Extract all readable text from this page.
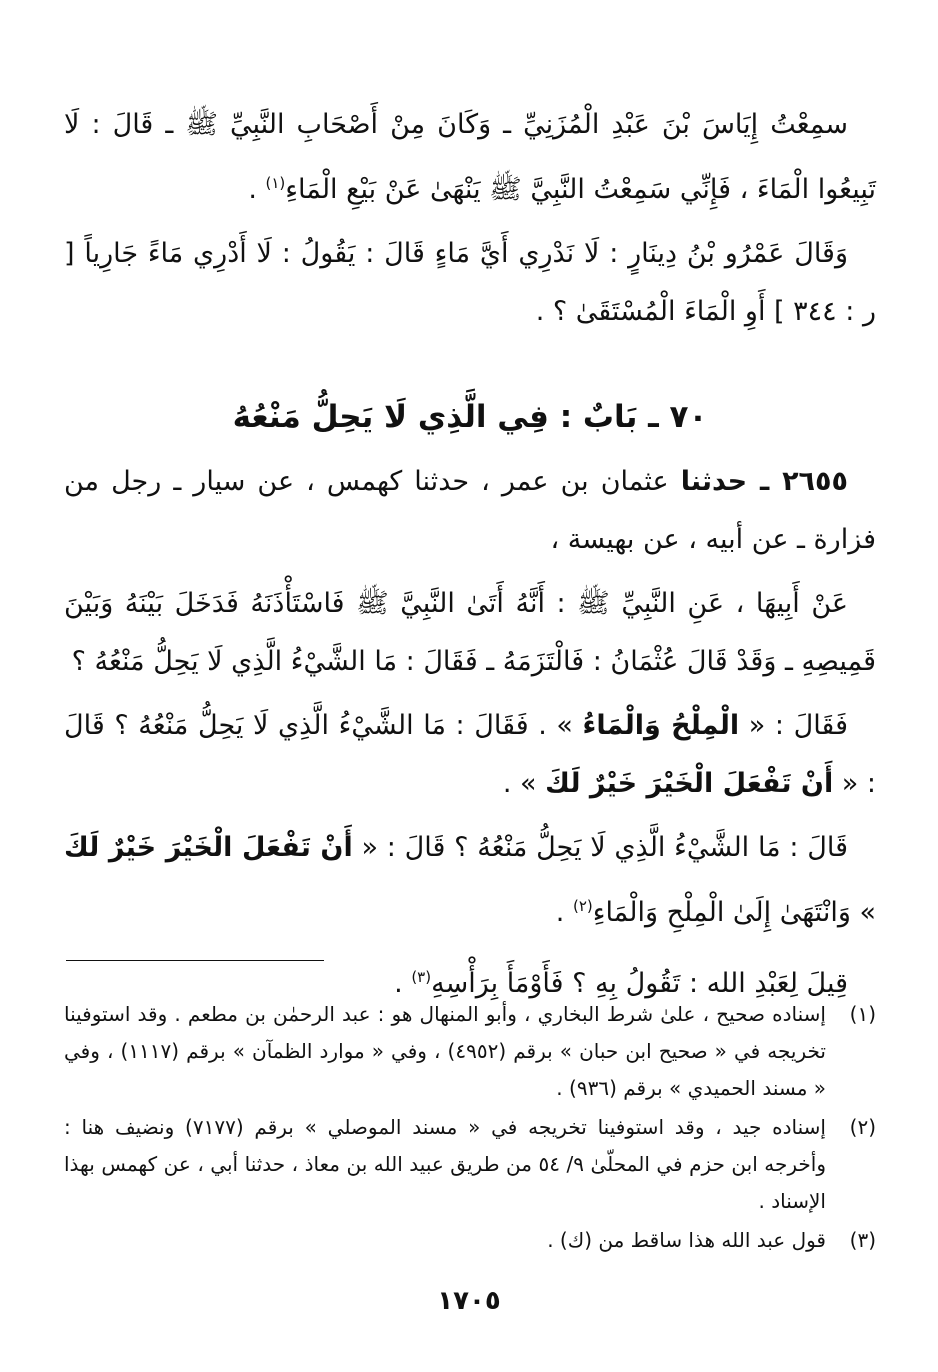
سمِعْتُ إِيَاسَ بْنَ عَبْدِ الْمُزَنِيِّ ـ وَكَانَ مِنْ أَصْحَابِ النَّبِيِّ ﷺ ـ قَالَ : لَا تَبِيعُوا الْمَاءَ ، فَإِنِّي سَمِعْتُ النَّبِيَّ ﷺ يَنْهَىٰ عَنْ بَيْعِ الْمَاءِ$^{(١)}$ .

وَقَالَ عَمْرُو بْنُ دِينَارٍ : لَا نَدْرِي أَيَّ مَاءٍ قَالَ : يَقُولُ : لَا أَدْرِي مَاءً جَارِياً [ ر : ٣٤٤ ] أَوِ الْمَاءَ الْمُسْتَقَىٰ ؟ .

٧٠ ـ بَابٌ : فِي الَّذِي لَا يَحِلُّ مَنْعُهُ

٢٦٥٥ ـ حدثنا عثمان بن عمر ، حدثنا كهمس ، عن سيار ـ رجل من فزارة ـ عن أبيه ، عن بهيسة ،

عَنْ أَبِيهَا ، عَنِ النَّبِيِّ ﷺ : أَنَّهُ أَتَىٰ النَّبِيَّ ﷺ فَاسْتَأْذَنَهُ فَدَخَلَ بَيْنَهُ وَبَيْنَ قَمِيصِهِ ـ وَقَدْ قَالَ عُثْمَانُ : فَالْتَزَمَهُ ـ فَقَالَ : مَا الشَّيْءُ الَّذِي لَا يَحِلُّ مَنْعُهُ ؟

فَقَالَ : « الْمِلْحُ وَالْمَاءُ » . فَقَالَ : مَا الشَّيْءُ الَّذِي لَا يَحِلُّ مَنْعُهُ ؟ قَالَ : « أَنْ تَفْعَلَ الْخَيْرَ خَيْرٌ لَكَ » .

قَالَ : مَا الشَّيْءُ الَّذِي لَا يَحِلُّ مَنْعُهُ ؟ قَالَ : « أَنْ تَفْعَلَ الْخَيْرَ خَيْرٌ لَكَ » وَانْتَهَىٰ إِلَىٰ الْمِلْحِ وَالْمَاءِ$^{(٢)}$ .

قِيلَ لِعَبْدِ الله : تَقُولُ بِهِ ؟ فَأَوْمَأَ بِرَأْسِهِ$^{(٣)}$ .

(١)
إسناده صحيح ، علىٰ شرط البخاري ، وأبو المنهال هو : عبد الرحمٰن بن مطعم . وقد استوفينا تخريجه في « صحيح ابن حبان » برقم (٤٩٥٢) ، وفي « موارد الظمآن » برقم (١١١٧) ، وفي « مسند الحميدي » برقم (٩٣٦) .
(٢)
إسناده جيد ، وقد استوفينا تخريجه في « مسند الموصلي » برقم (٧١٧٧) ونضيف هنا : وأخرجه ابن حزم في المحلّىٰ ٩/ ٥٤ من طريق عبيد الله بن معاذ ، حدثنا أبي ، عن كهمس بهذا الإسناد .
(٣)
قول عبد الله هذا ساقط من (ك) .
١٧٠٥
